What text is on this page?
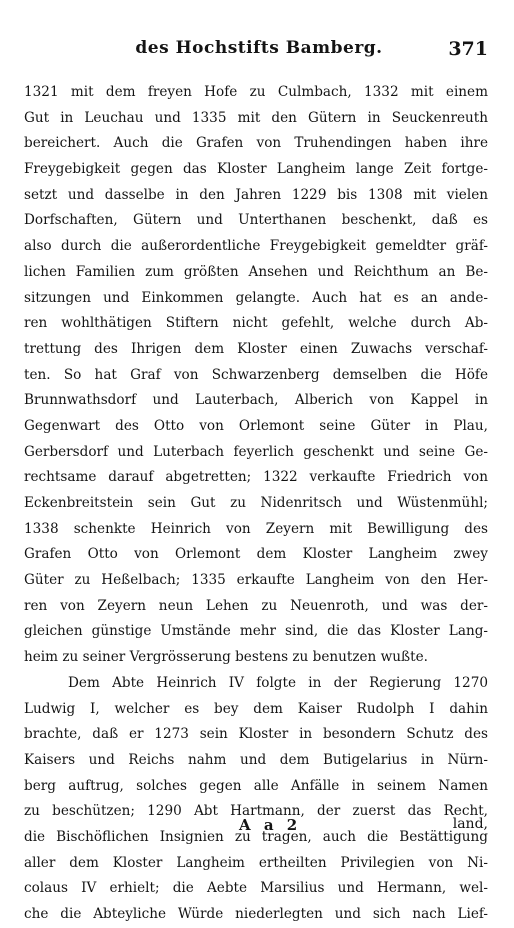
des Hochstifts Bamberg.	371
1321 mit dem freyen Hofe zu Culmbach, 1332 mit einem
Gut in Leuchau und 1335 mit den Gütern in Seuckenreuth
bereichert. Auch die Grafen von Truhendingen haben ihre
Freygebigkeit gegen das Kloster Langheim lange Zeit fortge-
setzt und dasselbe in den Jahren 1229 bis 1308 mit vielen
Dorfschaften, Gütern und Unterthanen beschenkt, daß es
also durch die außerordentliche Freygebigkeit gemeldter gräf-
lichen Familien zum größten Ansehen und Reichthum an Be-
sitzungen und Einkommen gelangte. Auch hat es an ande-
ren wohlthätigen Stiftern nicht gefehlt, welche durch Ab-
trettung des Ihrigen dem Kloster einen Zuwachs verschaf-
ten. So hat Graf von Schwarzenberg demselben die Höfe
Brunnwathsdorf und Lauterbach, Alberich von Kappel in
Gegenwart des Otto von Orlemont seine Güter in Plau,
Gerbersdorf und Luterbach feyerlich geschenkt und seine Ge-
rechtsame darauf abgetretten; 1322 verkaufte Friedrich von
Eckenbreitstein sein Gut zu Nidenritsch und Wüstenmühl;
1338 schenkte Heinrich von Zeyern mit Bewilligung des
Grafen Otto von Orlemont dem Kloster Langheim zwey
Güter zu Heßelbach; 1335 erkaufte Langheim von den Her-
ren von Zeyern neun Lehen zu Neuenroth, und was der-
gleichen günstige Umstände mehr sind, die das Kloster Lang-
heim zu seiner Vergrösserung bestens zu benutzen wußte.
Dem Abte Heinrich IV folgte in der Regierung 1270
Ludwig I, welcher es bey dem Kaiser Rudolph I dahin
brachte, daß er 1273 sein Kloster in besondern Schutz des
Kaisers und Reichs nahm und dem Butigelarius in Nürn-
berg auftrug, solches gegen alle Anfälle in seinem Namen
zu beschützen; 1290 Abt Hartmann, der zuerst das Recht,
die Bischöflichen Insignien zu tragen, auch die Bestättigung
aller dem Kloster Langheim ertheilten Privilegien von Ni-
colaus IV erhielt; die Aebte Marsilius und Hermann, wel-
che die Abteyliche Würde niederlegten und sich nach Lief-
A a 2	land,
